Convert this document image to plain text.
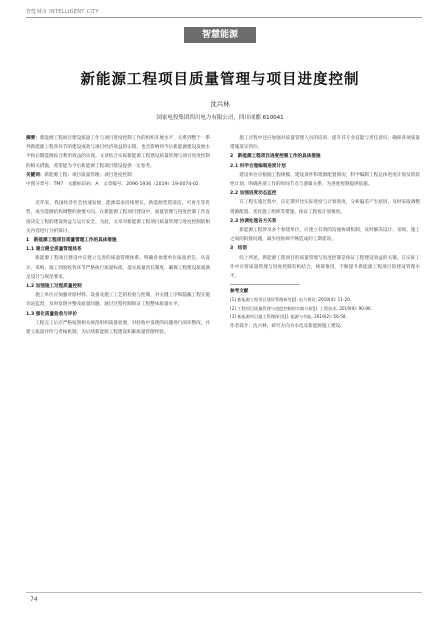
智能城市 INTELLIGENT CITY
智慧能源
新能源工程项目质量管理与项目进度控制
沈兴林
国家电投集团四川电力有限公司，四川成都 610041

摘要：新能源工程项目建设质量工作与项目进度控制工作的组织开展水平，关系到整个一系列新能源工程各环节的建设成效与项目经济效益的实现，也会影响到今后新能源建设发展水平和后期能源综合利用效益的实现。文章结合实际新能源工程建设质量管理与项目进度控制的相关措施，希望能为今后新能源工程项目建设提供一定参考。

关键词：新能源工程；项目质量管理；项目进度控制

中图分类号：TM7　文献标识码：A　文章编号：2096-1936（2019）19-0074-02

近年来，我国经济社会快速发展，能源需求持续增长，新能源凭借清洁、可再生等优势，成为能源结构调整的重要方向。在新能源工程项目建设中，质量管理与进度控制工作直接决定工程的建设效益与运行安全。为此，文章对新能源工程项目质量管理与进度控制的相关内容进行分析探讨。

1　新能源工程项目质量管理工作的具体措施

1.1 建立健全质量管理体系

新能源工程项目建设中应建立完善的质量管理体系，明确各参建单位质量责任，从设计、采购、施工到验收各环节严格执行质量标准，落实质量责任制度，确保工程建设质量满足设计与规范要求。

1.2 加强施工过程质量控制

施工单位应加强对原材料、设备及施工工艺的检验与控制，对关键工序和隐蔽工程实施旁站监督，及时发现并整改质量问题，通过过程控制保证工程整体质量水平。

1.3 强化质量验收与评价

工程完工后应严格按照相关规范组织质量验收，对验收中发现的问题进行闭环整改，并建立质量评价与考核机制，为后续新能源工程建设积累质量管理经验。

施工过程中还应加强对质量管理人员的培训，提升其专业技能与责任意识，确保各项质量措施落实到位。

2　新能源工程项目进度控制工作的具体措施

2.1 科学合理编制进度计划

建设单位应根据工程规模、建设条件和资源配置情况，科学编制工程总体进度计划及阶段性计划，明确各项工作的时间节点与逻辑关系，为进度控制提供依据。

2.2 加强进度动态监控

在工程实施过程中，应定期对比实际进度与计划进度，分析偏差产生原因，及时采取调整资源配置、优化施工组织等措施，保证工程按计划推进。

2.3 协调处理各方关系

新能源工程涉及多个参建单位，应建立有效的沟通协调机制，及时解决设计、采购、施工之间的衔接问题，减少因协调不畅造成的工期延误。

3　结语

综上所述，新能源工程项目的质量管理与进度控制是保证工程建设效益的关键。在实际工作中应将质量管理与进度控制有机结合，统筹推进，不断提升新能源工程项目的建设管理水平。

参考文献

[1] 新能源工程项目建设管理研究[J]. 电力建设, 2019(4): 11-20.

[2] 工程项目质量管理与进度控制的实践分析[J]. 工程技术, 2019(9): 90-96.

[3] 新能源项目施工管理探讨[J]. 能源与节能, 2019(2): 56-58.

作者简介：沈兴林，研究方向为水电及新能源施工建设。

74
